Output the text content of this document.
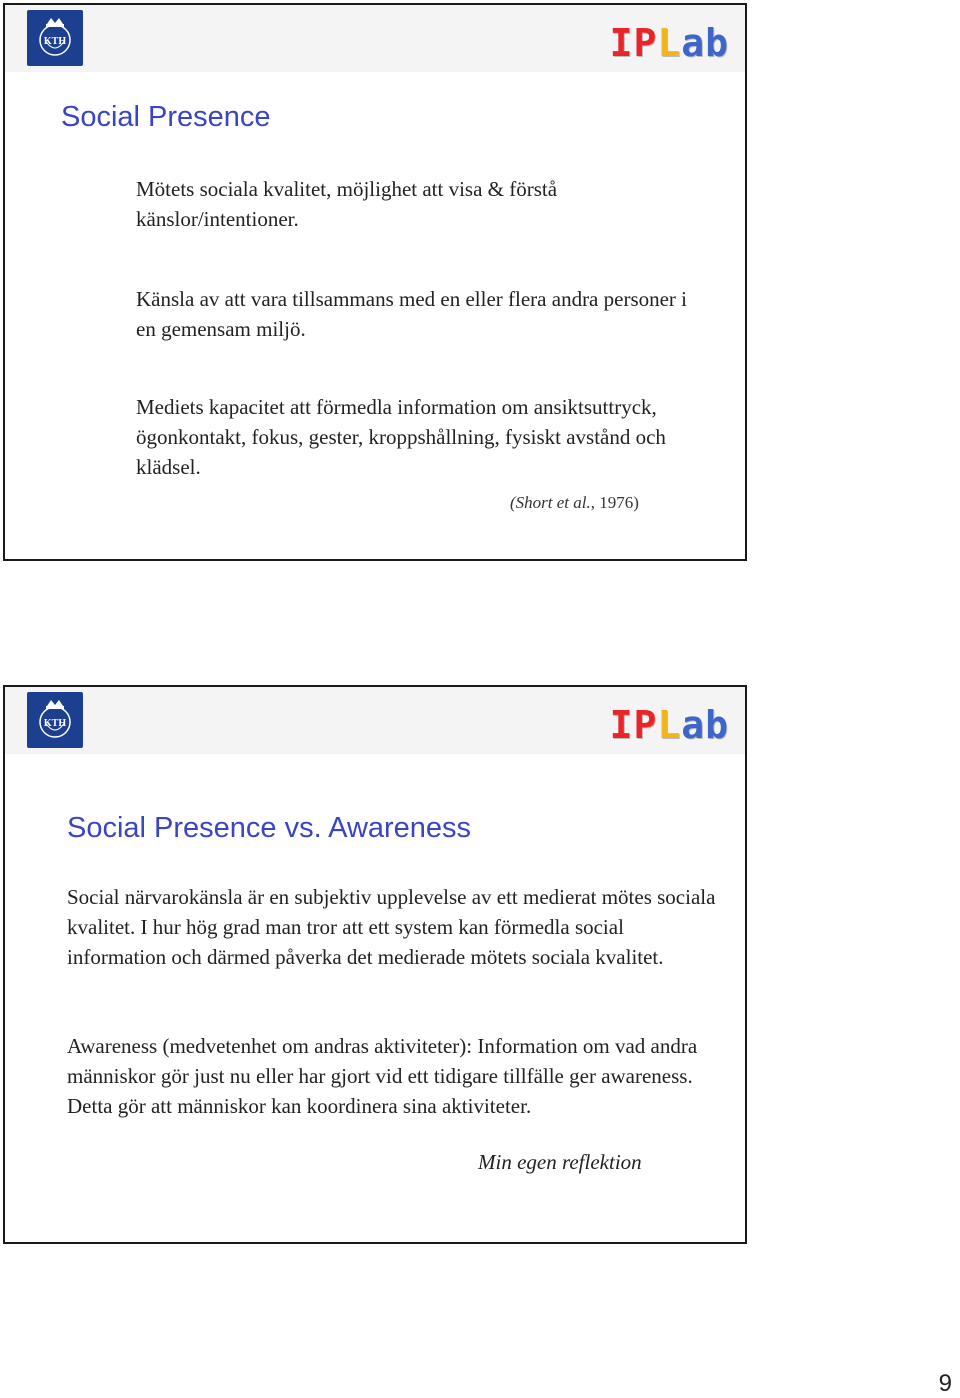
KTH	IPLab
Social Presence

Mötets sociala kvalitet, möjlighet att visa & förstå känslor/intentioner.

Känsla av att vara tillsammans med en eller flera andra personer i en gemensam miljö.

Mediets kapacitet att förmedla information om ansiktsuttryck, ögonkontakt, fokus, gester, kroppshållning, fysiskt avstånd och klädsel.

(Short et al., 1976)
KTH	IPLab
Social Presence vs. Awareness

Social närvarokänsla är en subjektiv upplevelse av ett medierat mötes sociala kvalitet. I hur hög grad man tror att ett system kan förmedla social information och därmed påverka det medierade mötets sociala kvalitet.

Awareness (medvetenhet om andras aktiviteter): Information om vad andra människor gör just nu eller har gjort vid ett tidigare tillfälle ger awareness. Detta gör att människor kan koordinera sina aktiviteter.

Min egen reflektion
9
